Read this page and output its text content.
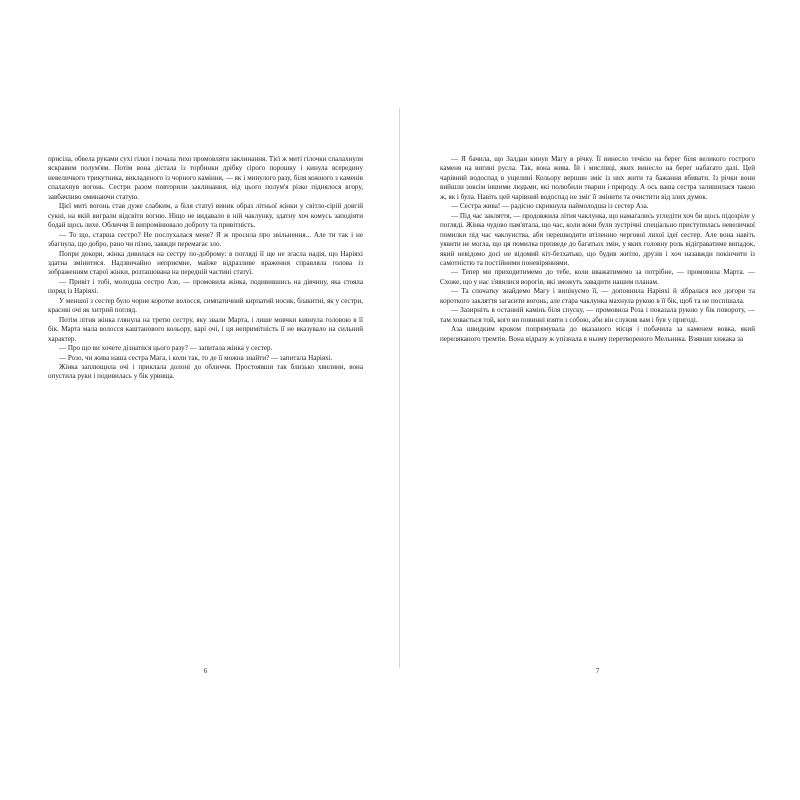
присіла, обвела руками сухі гілки і почала тихо промовляти заклинання. Тієї ж миті гілочки спалахнули яскравим полум'ям. Потім вона дістала із торбинки дрібку сірого порошку і кинула всередину невеличкого трикутника, викладеного із чорного каміння, — як і минулого разу, біля кожного з каменів спалахнув вогонь. Сестри разом повторили заклинання, від цього полум'я різко піднялося вгору, завбачливо оминаючи статую.

Цієї миті вогонь став дуже слабким, а біля статуї виник образ літньої жінки у світло-сірій довгій сукні, на якій виграли відсвіти вогню. Ніщо не видавало в ній чаклунку, здатну хоч комусь заподіяти бодай щось лихе. Обличчя її випромінювало доброту та привітність.

— То що, старша сестро? Не послухалася мене? Я ж просила про звільнення... Але ти так і не збагнула, що добро, рано чи пізно, завжди перемагає зло.

Попри докори, жінка дивилася на сестру по-доброму: в погляді її ще не згасла надія, що Наріяхі здатна змінитися. Надзвичайно неприємне, майже відразливе враження справляла голова із зображенням старої жінки, розташована на передній частині статуї.

— Привіт і тобі, молодша сестро Азо, — промовила жінка, подивившись на дівчину, яка стояла поряд із Наріяхі.

У меншої з сестер було чорне коротке волосся, симпатичний кирпатий носик, блакитні, як у сестри, красиві очі як хитрий погляд.

Потім літня жінка глянула на третю сестру, яку звали Марта, і лише мовчки кивнула головою в її бік. Марта мала волосся каштанового кольору, карі очі, і ця непримітність її не вказувало на сильний характер.

— Про що ви хочете дізнатися цього разу? — запитала жінка у сестер.

— Розо, чи жива наша сестра Мага, і коли так, то де її можна знайти? — запитала Наріяхі.

Жінка заплющила очі і приклала долоні до обличчя. Простоявши так близько хвилини, вона опустила руки і подивилась у бік урвища.

6

— Я бачила, що Залдан кинув Магу в річку. Її винесло течією на берег біля великого гострого каменя на вигині русла. Так, вона жива. Їй і мислівці, яких винесло на берег набагато далі. Цей чарівний водоспад в ущелині Кольору вершин зміє із них жити та бажання вбивати. Із річки вони вийшли зовсім іншими людьми, які полюбили тварин і природу. А ось ваша сестра залишилася такою ж, як і була. Навіть цей чарівний водоспад не зміг її змінити та очистити від злих думок.

— Сестра жива! — радісно скрикнула наймолодша із сестер Аза.

— Під час закляття, — продовжила літня чаклунка, що намагались угледіти хоч би щось підозріле у погляді. Жінка чудово пам'ятала, що час, коли вони були зустрічні спеціально приступилась невеличкої помилки під час чаклунства, аби перешкодити втіленню чергової лихої ідеї сестер. Але вона навіть уявити не могла, що ця помилка призведе до багатьох змін, у яких головну роль відіграватиме випадок, який невідомо досі не відомий кіт-безхатько, що будив житло, друзів і хоч назавжди покінчити із самотністю та постійними поневіряннями.

— Тепер ми приходитимемо до тебе, коли вважатимемо за потрібне, — промовила Марта. — Схоже, що у нас з'явилися ворогів, які зможуть завадити нашим планам.

— Та спочатку знайдемо Магу і випікуємо її, — доповнила Наріяхі й зібралася все догори та короткого закляття загасити вогонь, але стара чаклунка махнула рукою в її бік, щоб та не поспішала.

— Зазирніть в останній камінь біля спуску, — промовила Роза і показала рукою у бік повороту, — там ховається той, кого ви повинні взяти з собою, аби він служив вам і був у пригоді.

Аза швидким кроком попрямувала до вказаного місця і побачила за каменем вовка, який переляканого тремтів. Вона відразу ж упізнала в ньому перетвореного Мельника. Взявши хижака за

7
